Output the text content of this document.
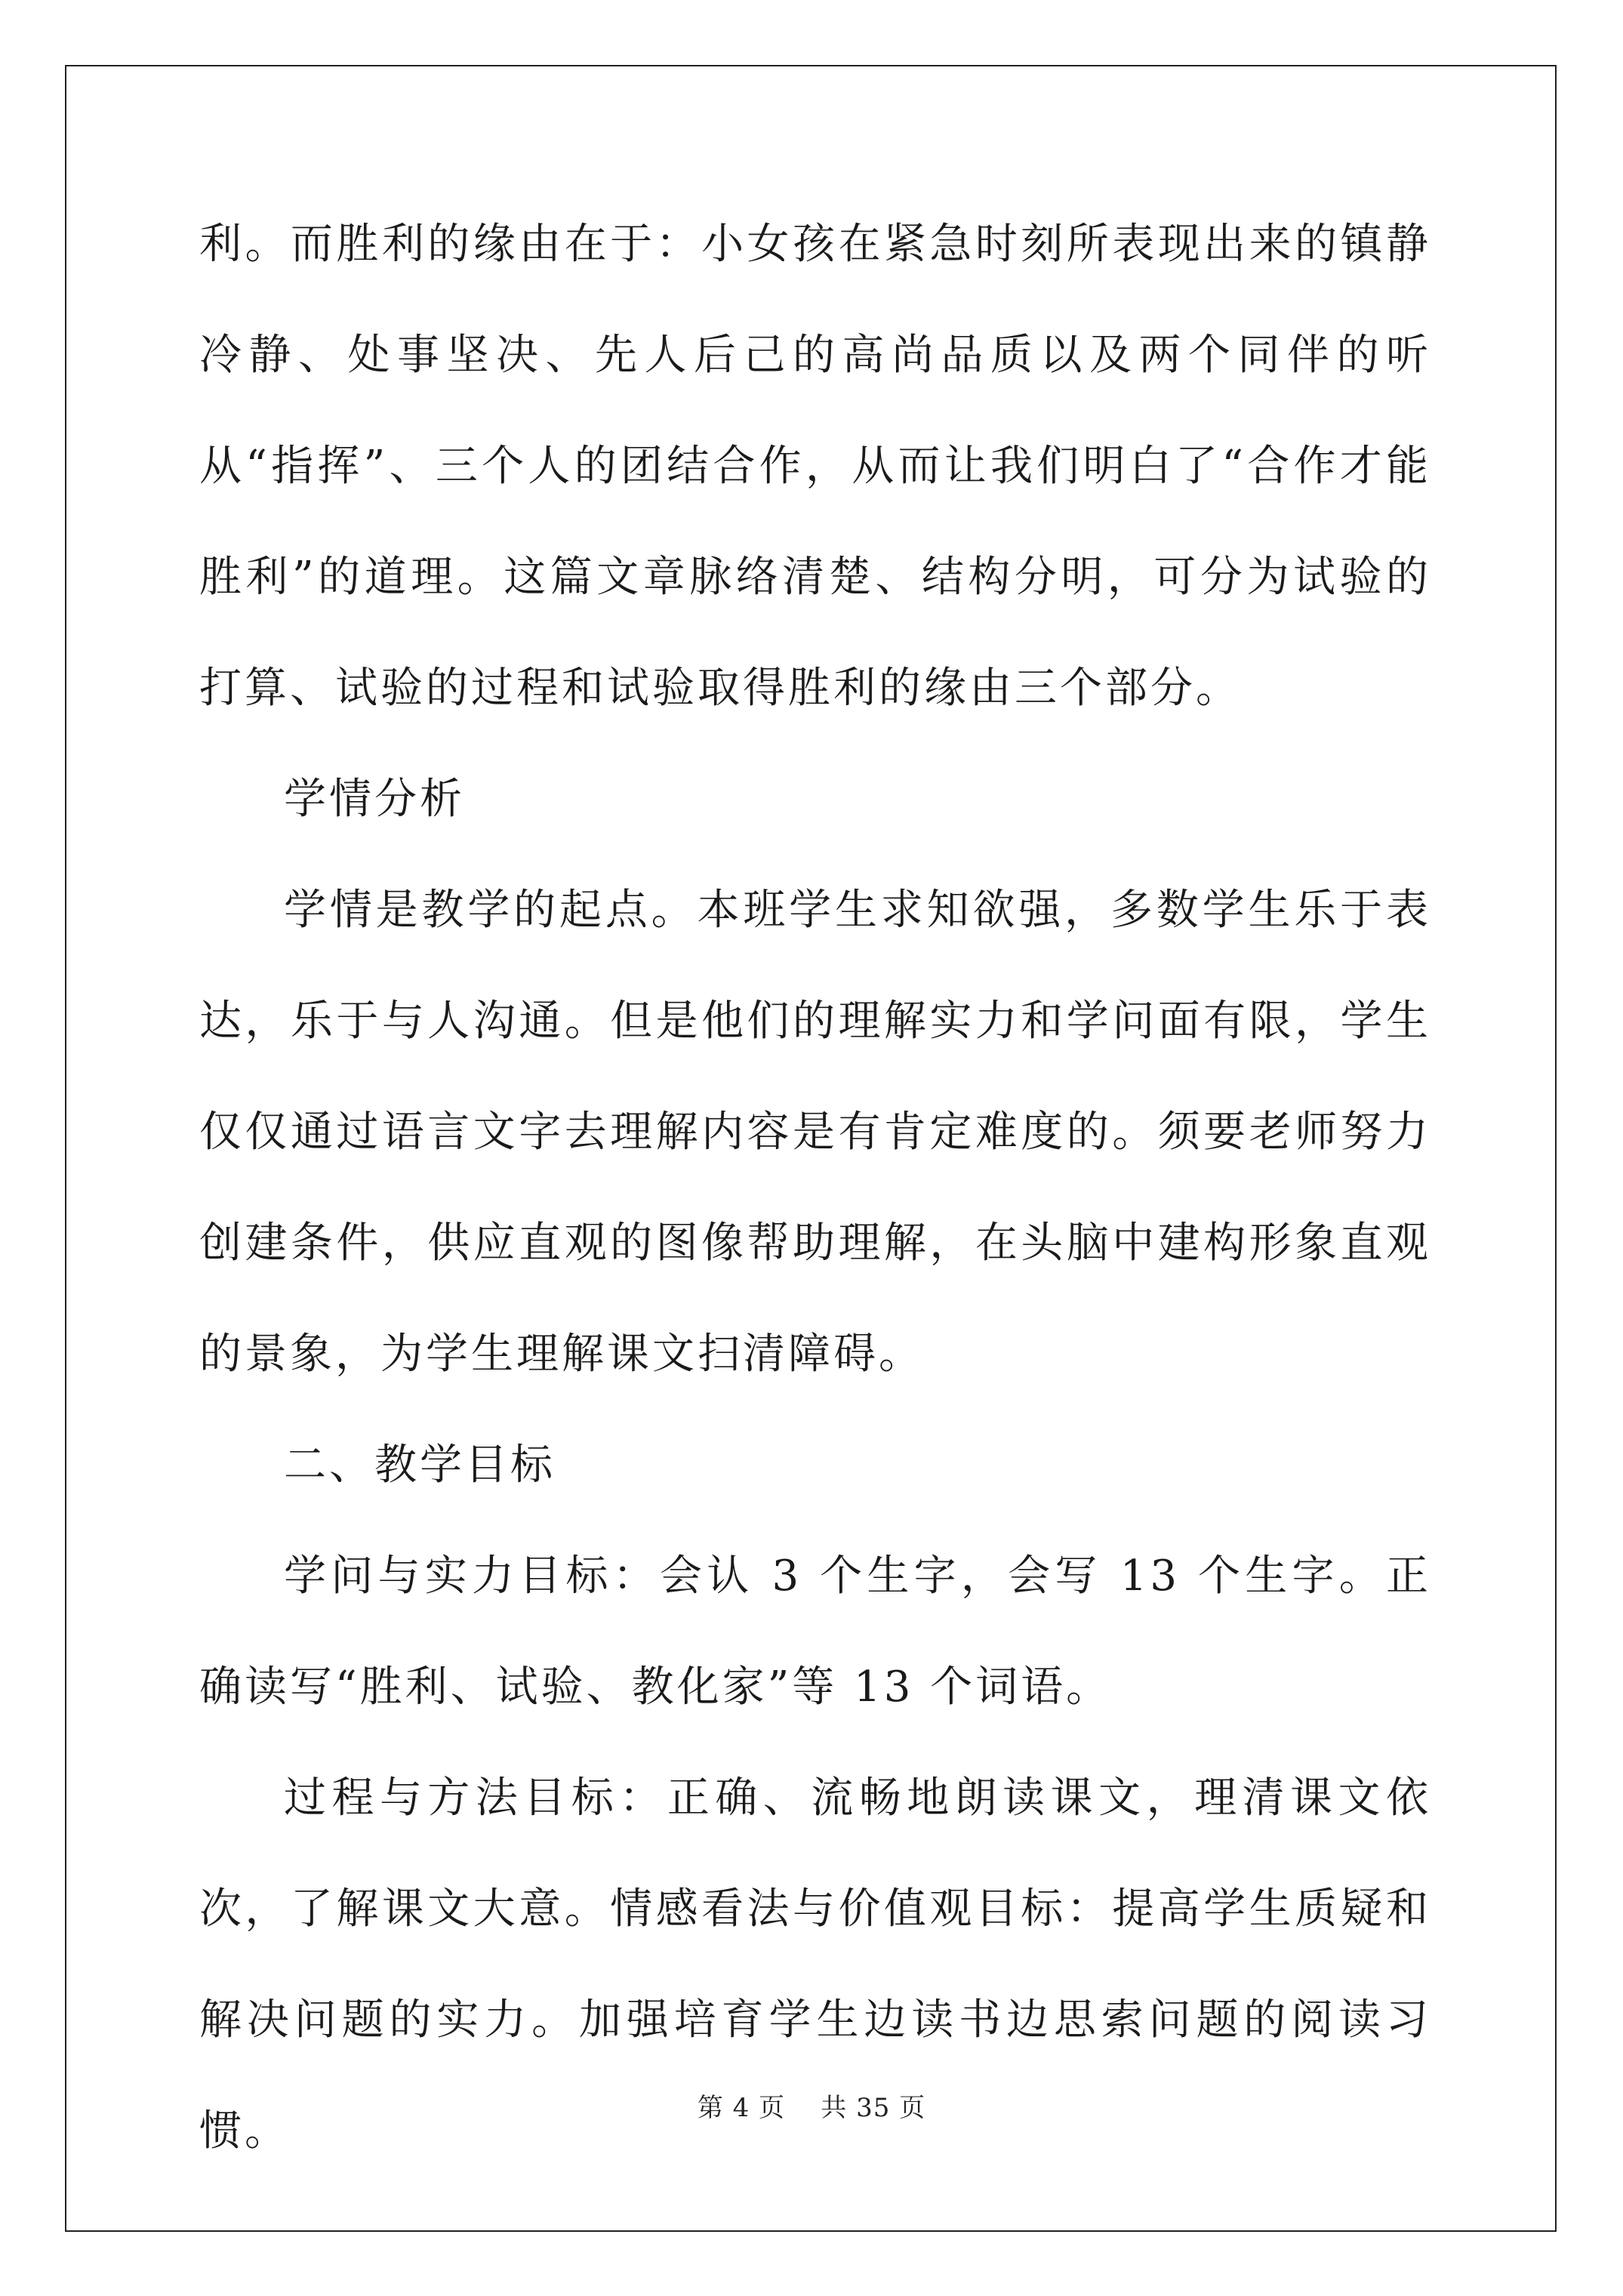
利。而胜利的缘由在于：小女孩在紧急时刻所表现出来的镇静冷静、处事坚决、先人后己的高尚品质以及两个同伴的听从“指挥”、三个人的团结合作，从而让我们明白了“合作才能胜利”的道理。这篇文章脉络清楚、结构分明，可分为试验的打算、试验的过程和试验取得胜利的缘由三个部分。

学情分析

学情是教学的起点。本班学生求知欲强，多数学生乐于表达，乐于与人沟通。但是他们的理解实力和学问面有限，学生仅仅通过语言文字去理解内容是有肯定难度的。须要老师努力创建条件，供应直观的图像帮助理解，在头脑中建构形象直观的景象，为学生理解课文扫清障碍。

二、教学目标

学问与实力目标：会认 3 个生字，会写 13 个生字。正确读写“胜利、试验、教化家”等 13 个词语。

过程与方法目标：正确、流畅地朗读课文，理清课文依次，了解课文大意。情感看法与价值观目标：提高学生质疑和解决问题的实力。加强培育学生边读书边思索问题的阅读习惯。	第 4 页 共 35 页
